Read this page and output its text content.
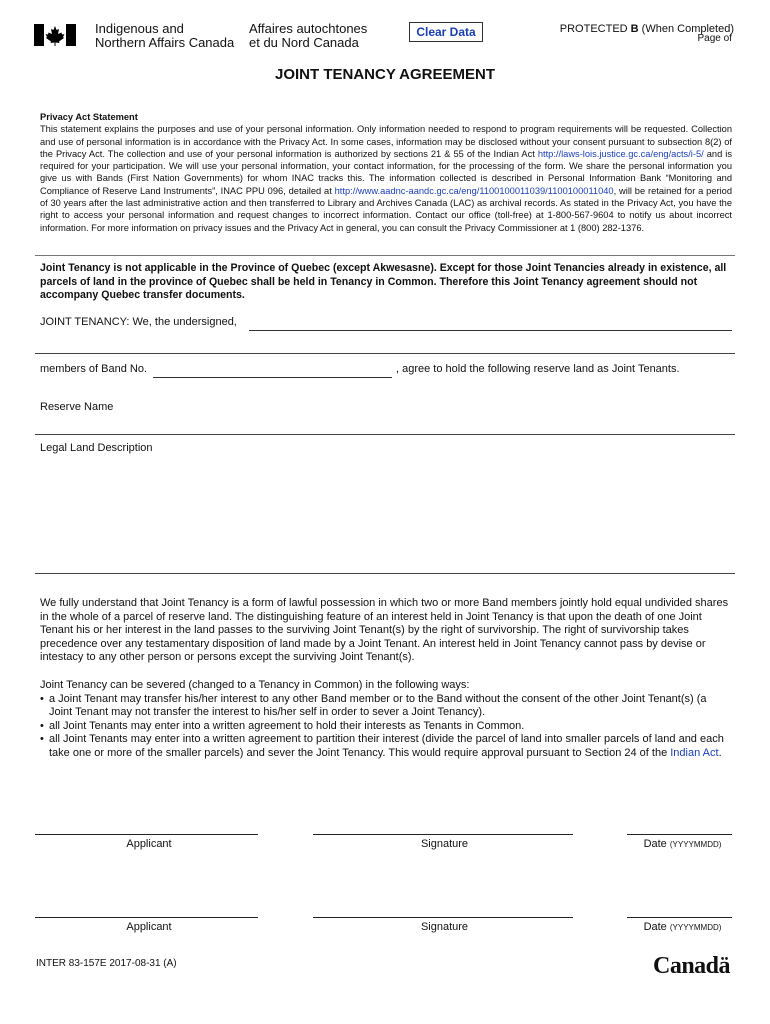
Indigenous and
Northern Affairs Canada
Affaires autochtones
et du Nord Canada
Clear Data	PROTECTED B (When Completed)
Page of
JOINT TENANCY AGREEMENT
Privacy Act Statement
This statement explains the purposes and use of your personal information. Only information needed to respond to program requirements will be requested. Collection and use of personal information is in accordance with the Privacy Act. In some cases, information may be disclosed without your consent pursuant to subsection 8(2) of the Privacy Act. The collection and use of your personal information is authorized by sections 21 & 55 of the Indian Act http://laws-lois.justice.gc.ca/eng/acts/i-5/ and is required for your participation. We will use your personal information, your contact information, for the processing of the form. We share the personal information you give us with Bands (First Nation Governments) for whom INAC tracks this. The information collected is described in Personal Information Bank “Monitoring and Compliance of Reserve Land Instruments”, INAC PPU 096, detailed at http://www.aadnc-aandc.gc.ca/eng/1100100011039/1100100011040, will be retained for a period of 30 years after the last administrative action and then transferred to Library and Archives Canada (LAC) as archival records. As stated in the Privacy Act, you have the right to access your personal information and request changes to incorrect information. Contact our office (toll-free) at 1-800-567-9604 to notify us about incorrect information. For more information on privacy issues and the Privacy Act in general, you can consult the Privacy Commissioner at 1 (800) 282-1376.
Joint Tenancy is not applicable in the Province of Quebec (except Akwesasne). Except for those Joint Tenancies already in existence, all parcels of land in the province of Quebec shall be held in Tenancy in Common. Therefore this Joint Tenancy agreement should not accompany Quebec transfer documents.
JOINT TENANCY: We, the undersigned,
members of Band No.	, agree to hold the following reserve land as Joint Tenants.
Reserve Name
Legal Land Description
We fully understand that Joint Tenancy is a form of lawful possession in which two or more Band members jointly hold equal undivided shares in the whole of a parcel of reserve land. The distinguishing feature of an interest held in Joint Tenancy is that upon the death of one Joint Tenant his or her interest in the land passes to the surviving Joint Tenant(s) by the right of survivorship. The right of survivorship takes precedence over any testamentary disposition of land made by a Joint Tenant. An interest held in Joint Tenancy cannot pass by devise or intestacy to any other person or persons except the surviving Joint Tenant(s).
Joint Tenancy can be severed (changed to a Tenancy in Common) in the following ways:
• a Joint Tenant may transfer his/her interest to any other Band member or to the Band without the consent of the other Joint Tenant(s) (a Joint Tenant may not transfer the interest to his/her self in order to sever a Joint Tenancy).
• all Joint Tenants may enter into a written agreement to hold their interests as Tenants in Common.
• all Joint Tenants may enter into a written agreement to partition their interest (divide the parcel of land into smaller parcels of land and each take one or more of the smaller parcels) and sever the Joint Tenancy. This would require approval pursuant to Section 24 of the Indian Act.
Applicant	Signature	Date (YYYYMMDD)
Applicant	Signature	Date (YYYYMMDD)
INTER 83-157E 2017-08-31 (A)	Canadä
